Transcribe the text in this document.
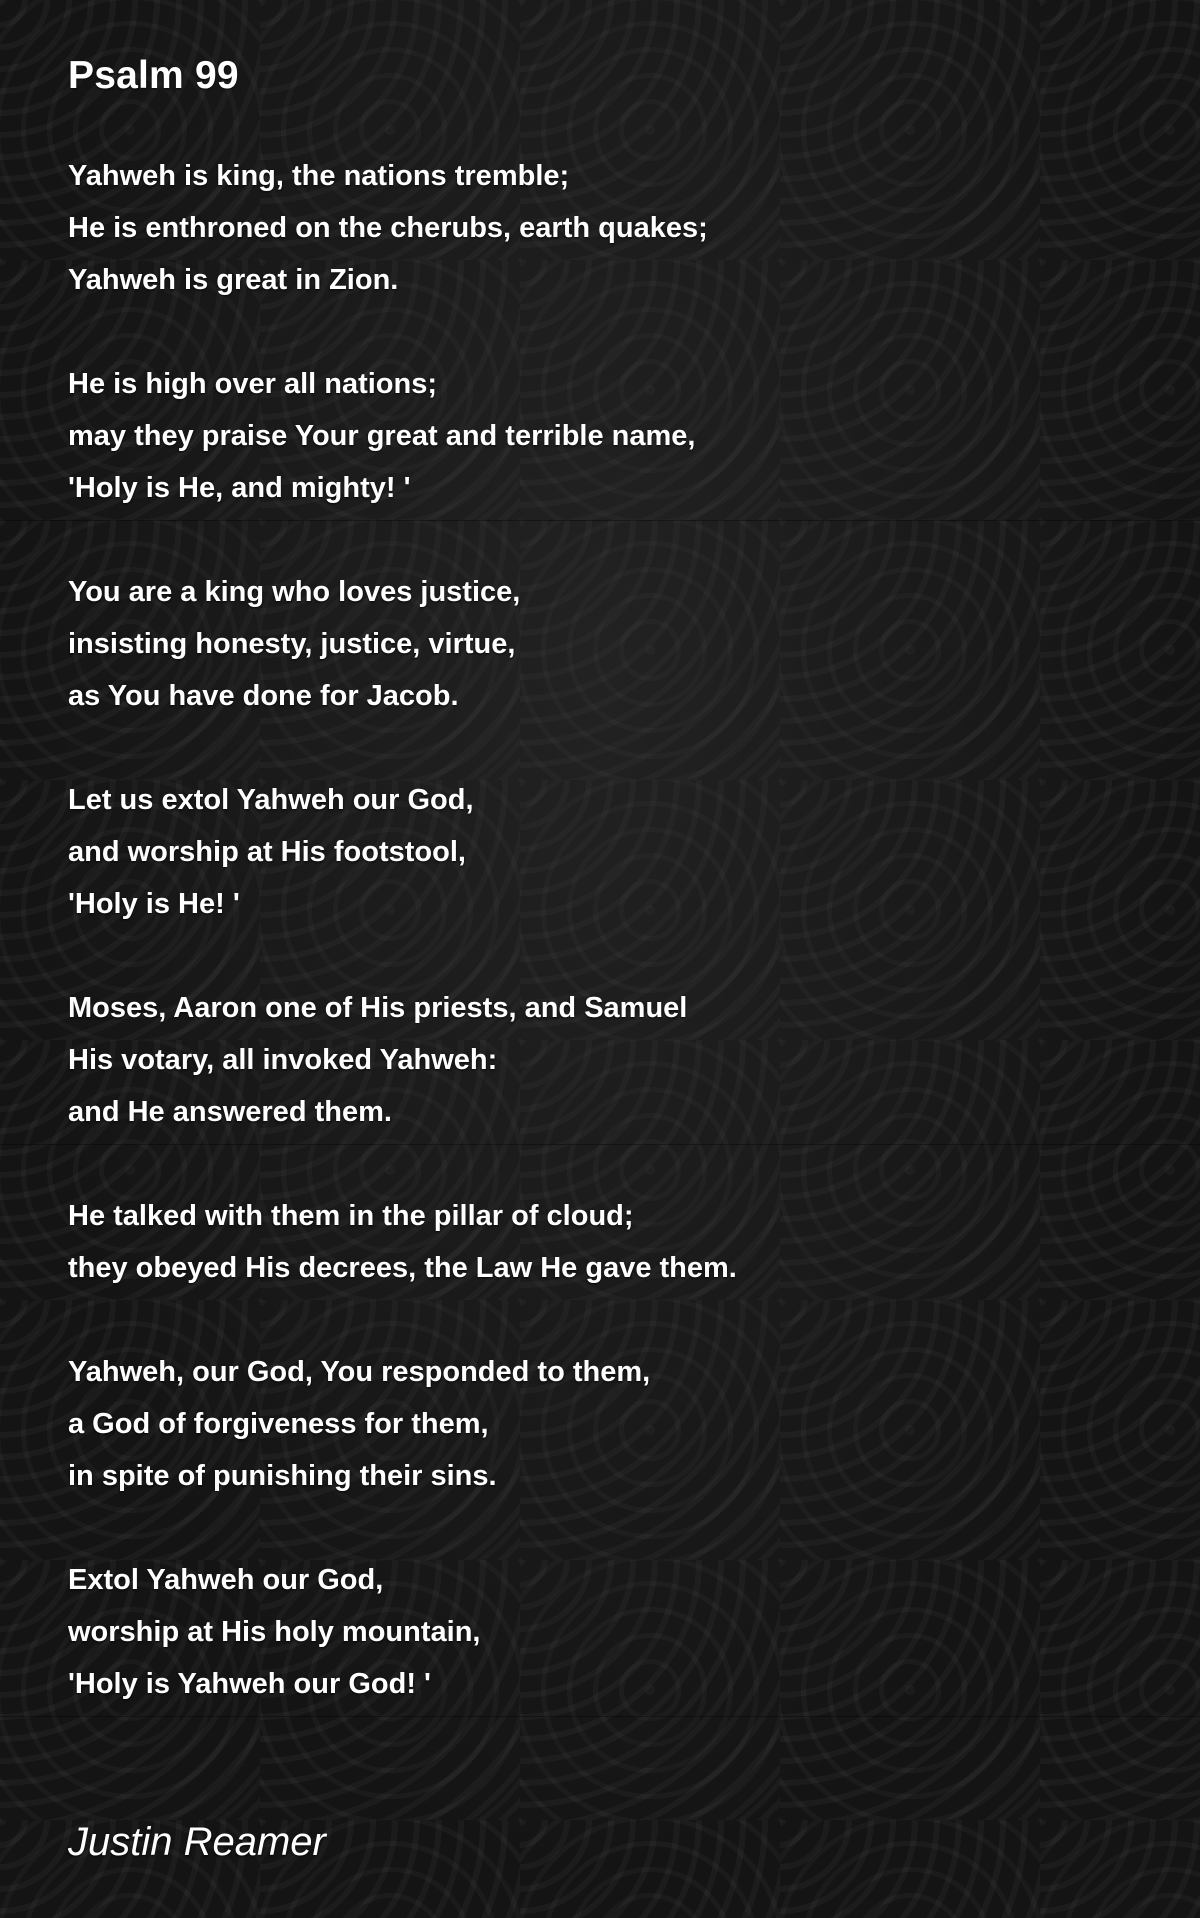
Psalm 99
Yahweh is king, the nations tremble;
He is enthroned on the cherubs, earth quakes;
Yahweh is great in Zion.
He is high over all nations;
may they praise Your great and terrible name,
'Holy is He, and mighty! '
You are a king who loves justice,
insisting honesty, justice, virtue,
as You have done for Jacob.
Let us extol Yahweh our God,
and worship at His footstool,
'Holy is He! '
Moses, Aaron one of His priests, and Samuel
His votary, all invoked Yahweh:
and He answered them.
He talked with them in the pillar of cloud;
they obeyed His decrees, the Law He gave them.
Yahweh, our God, You responded to them,
a God of forgiveness for them,
in spite of punishing their sins.
Extol Yahweh our God,
worship at His holy mountain,
'Holy is Yahweh our God! '

Justin Reamer
